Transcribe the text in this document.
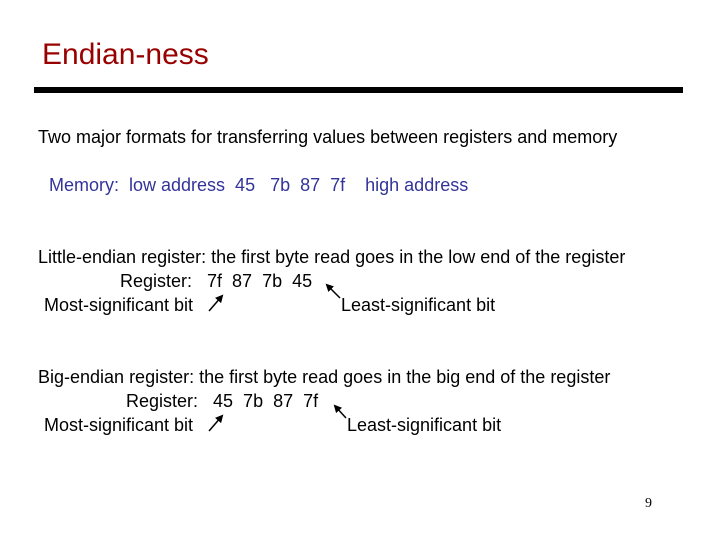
Endian-ness
Two major formats for transferring values between registers and memory
Memory:  low address  45   7b  87  7f    high address
Little-endian register: the first byte read goes in the low end of the register
Register:   7f  87  7b  45
Most-significant bit	Least-significant bit
Big-endian register: the first byte read goes in the big end of the register
Register:   45  7b  87  7f
Most-significant bit	Least-significant bit
9
